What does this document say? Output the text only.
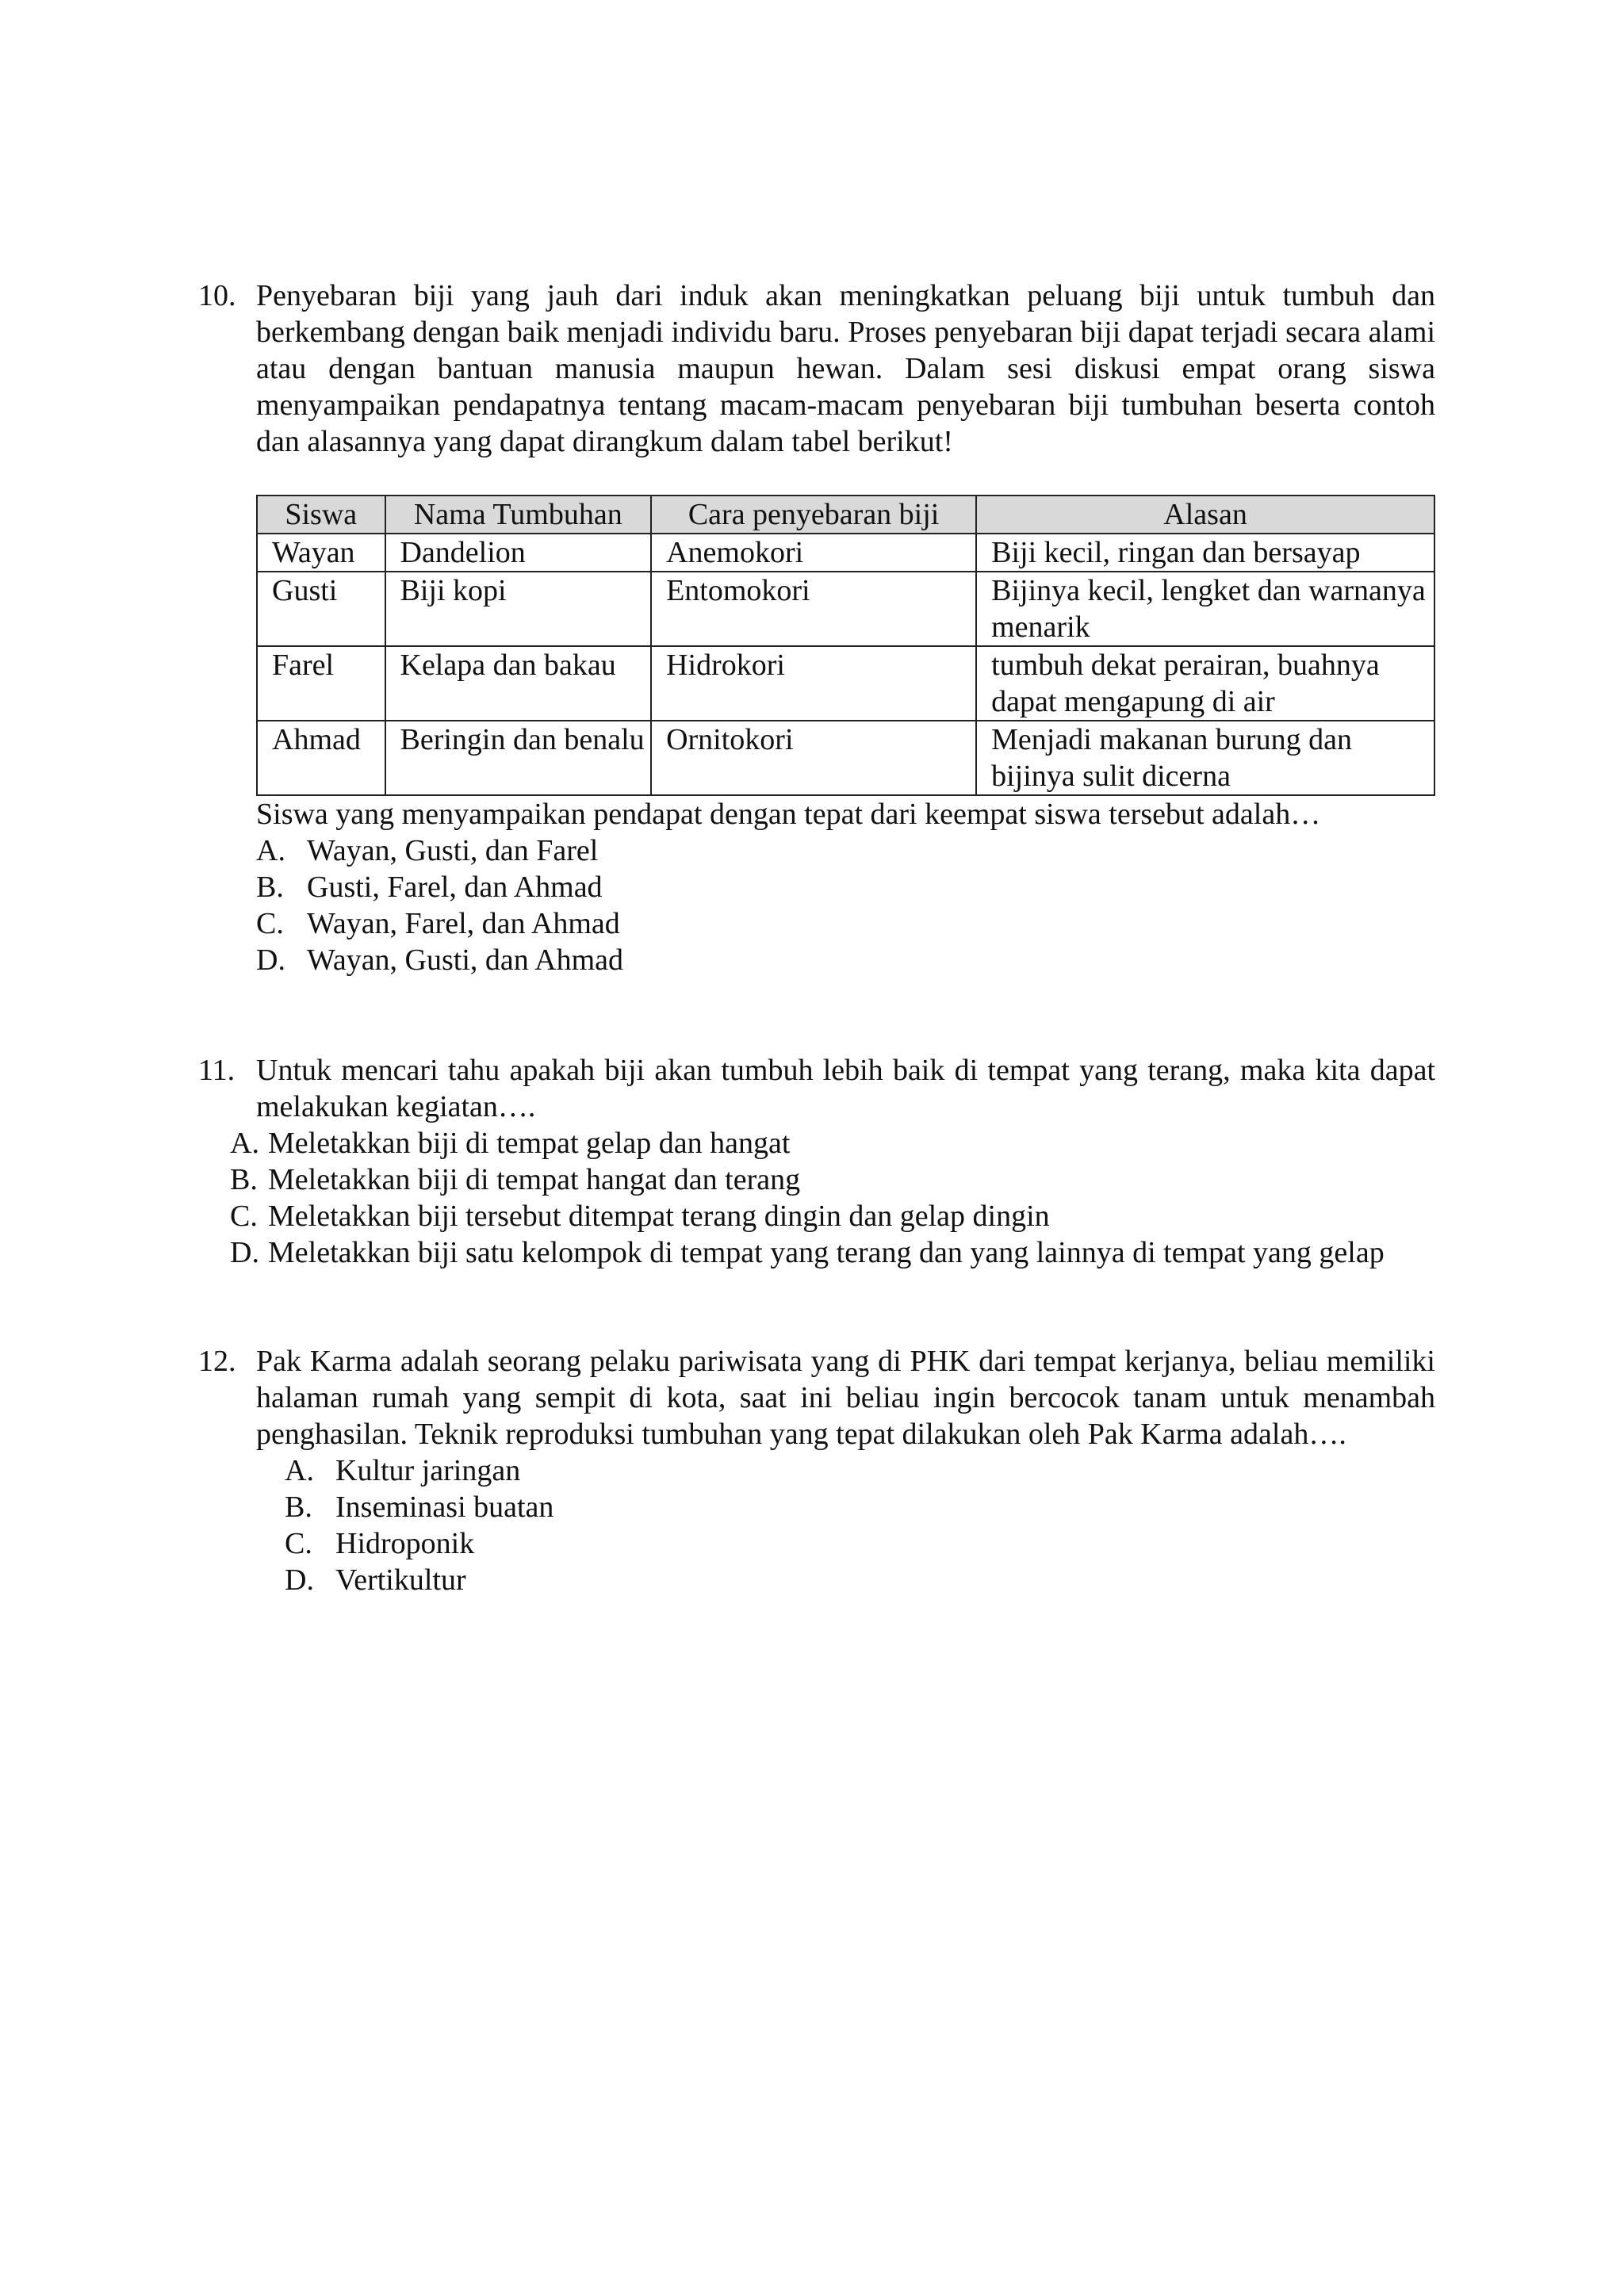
10. Penyebaran biji yang jauh dari induk akan meningkatkan peluang biji untuk tumbuh dan berkembang dengan baik menjadi individu baru. Proses penyebaran biji dapat terjadi secara alami atau dengan bantuan manusia maupun hewan. Dalam sesi diskusi empat orang siswa menyampaikan pendapatnya tentang macam-macam penyebaran biji tumbuhan beserta contoh dan alasannya yang dapat dirangkum dalam tabel berikut!

Siswa	Nama Tumbuhan	Cara penyebaran biji	Alasan
Wayan	Dandelion	Anemokori	Biji kecil, ringan dan bersayap
Gusti	Biji kopi	Entomokori	Bijinya kecil, lengket dan warnanya menarik
Farel	Kelapa dan bakau	Hidrokori	tumbuh dekat perairan, buahnya dapat mengapung di air
Ahmad	Beringin dan benalu	Ornitokori	Menjadi makanan burung dan bijinya sulit dicerna

Siswa yang menyampaikan pendapat dengan tepat dari keempat siswa tersebut adalah…

A. Wayan, Gusti, dan Farel
B. Gusti, Farel, dan Ahmad
C. Wayan, Farel, dan Ahmad
D. Wayan, Gusti, dan Ahmad
11. Untuk mencari tahu apakah biji akan tumbuh lebih baik di tempat yang terang, maka kita dapat melakukan kegiatan….

A. Meletakkan biji di tempat gelap dan hangat
B. Meletakkan biji di tempat hangat dan terang
C. Meletakkan biji tersebut ditempat terang dingin dan gelap dingin
D. Meletakkan biji satu kelompok di tempat yang terang dan yang lainnya di tempat yang gelap
12. Pak Karma adalah seorang pelaku pariwisata yang di PHK dari tempat kerjanya, beliau memiliki halaman rumah yang sempit di kota, saat ini beliau ingin bercocok tanam untuk menambah penghasilan. Teknik reproduksi tumbuhan yang tepat dilakukan oleh Pak Karma adalah….

A. Kultur jaringan
B. Inseminasi buatan
C. Hidroponik
D. Vertikultur
